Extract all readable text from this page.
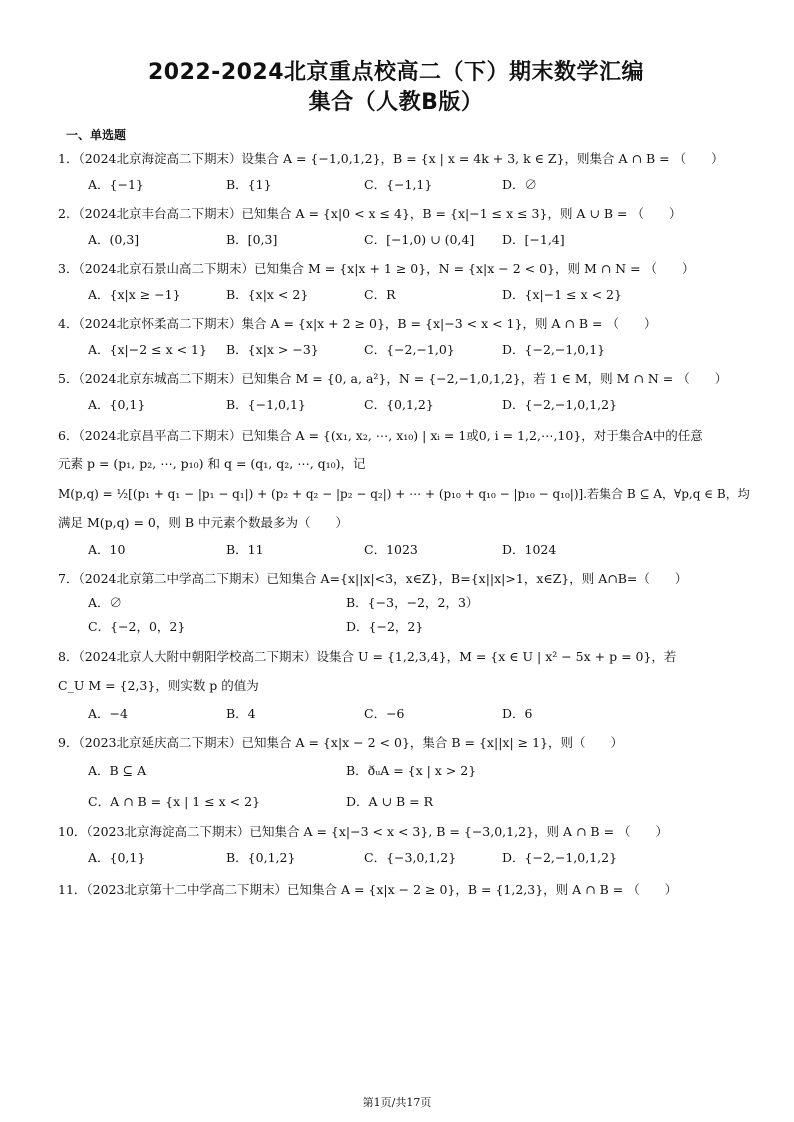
2022-2024北京重点校高二（下）期末数学汇编
集合（人教B版）
一、单选题
1．（2024北京海淀高二下期末）设集合 A = {−1,0,1,2}，B = {x | x = 4k + 3, k ∈ Z}，则集合 A ∩ B = （　　）
A．{−1}	B．{1}	C．{−1,1}	D．∅
2．（2024北京丰台高二下期末）已知集合 A = {x|0 < x ≤ 4}，B = {x|−1 ≤ x ≤ 3}，则 A ∪ B = （　　）
A．(0,3]	B．[0,3]	C．[−1,0) ∪ (0,4]	D．[−1,4]
3．（2024北京石景山高二下期末）已知集合 M = {x|x + 1 ≥ 0}，N = {x|x − 2 < 0}，则 M ∩ N = （　　）
A．{x|x ≥ −1}	B．{x|x < 2}	C．R	D．{x|−1 ≤ x < 2}
4．（2024北京怀柔高二下期末）集合 A = {x|x + 2 ≥ 0}，B = {x|−3 < x < 1}，则 A ∩ B = （　　）
A．{x|−2 ≤ x < 1}	B．{x|x > −3}	C．{−2,−1,0}	D．{−2,−1,0,1}
5．（2024北京东城高二下期末）已知集合 M = {0, a, a²}，N = {−2,−1,0,1,2}，若 1 ∈ M，则 M ∩ N = （　　）
A．{0,1}	B．{−1,0,1}	C．{0,1,2}	D．{−2,−1,0,1,2}
6．（2024北京昌平高二下期末）已知集合 A = {(x₁, x₂, ⋯, x₁₀) | xᵢ = 1或0, i = 1,2,⋯,10}，对于集合A中的任意
元素 p = (p₁, p₂, ⋯, p₁₀) 和 q = (q₁, q₂, ⋯, q₁₀)，记
M(p,q) = ½[(p₁ + q₁ − |p₁ − q₁|) + (p₂ + q₂ − |p₂ − q₂|) + ⋯ + (p₁₀ + q₁₀ − |p₁₀ − q₁₀|)].若集合 B ⊆ A，∀p,q ∈ B，均
满足 M(p,q) = 0，则 B 中元素个数最多为（　　）
A．10	B．11	C．1023	D．1024
7．（2024北京第二中学高二下期末）已知集合 A={x||x|<3，x∈Z}，B={x||x|>1，x∈Z}，则 A∩B=（　　）
A．∅	B．{−3，−2，2，3）
C．{−2，0，2}	D．{−2，2}
8．（2024北京人大附中朝阳学校高二下期末）设集合 U = {1,2,3,4}，M = {x ∈ U | x² − 5x + p = 0}，若
C_U M = {2,3}，则实数 p 的值为
A．−4	B．4	C．−6	D．6
9．（2023北京延庆高二下期末）已知集合 A = {x|x − 2 < 0}，集合 B = {x||x| ≥ 1}，则（　　）
A．B ⊆ A	B．ðᵤA = {x | x > 2}
C．A ∩ B = {x | 1 ≤ x < 2}	D．A ∪ B = R
10．（2023北京海淀高二下期末）已知集合 A = {x|−3 < x < 3}, B = {−3,0,1,2}，则 A ∩ B = （　　）
A．{0,1}	B．{0,1,2}	C．{−3,0,1,2}	D．{−2,−1,0,1,2}
11．（2023北京第十二中学高二下期末）已知集合 A = {x|x − 2 ≥ 0}，B = {1,2,3}，则 A ∩ B = （　　）
第1页/共17页
